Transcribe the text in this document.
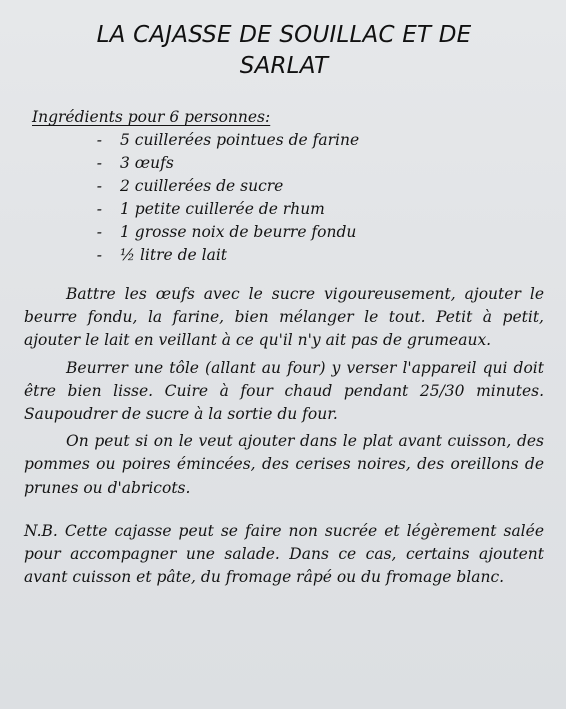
LA CAJASSE DE SOUILLAC ET DE
SARLAT
Ingrédients pour 6 personnes:
-	5 cuillerées pointues de farine
-	3 œufs
-	2 cuillerées de sucre
-	1 petite cuillerée de rhum
-	1 grosse noix de beurre fondu
-	½ litre de lait

Battre les œufs avec le sucre vigoureusement, ajouter le beurre fondu, la farine, bien mélanger le tout. Petit à petit, ajouter le lait en veillant à ce qu'il n'y ait pas de grumeaux.

Beurrer une tôle (allant au four) y verser l'appareil qui doit être bien lisse. Cuire à four chaud pendant 25/30 minutes. Saupoudrer de sucre à la sortie du four.

On peut si on le veut ajouter dans le plat avant cuisson, des pommes ou poires émincées, des cerises noires, des oreillons de prunes ou d'abricots.

N.B. Cette cajasse peut se faire non sucrée et légèrement salée pour accompagner une salade. Dans ce cas, certains ajoutent avant cuisson et pâte, du fromage râpé ou du fromage blanc.
